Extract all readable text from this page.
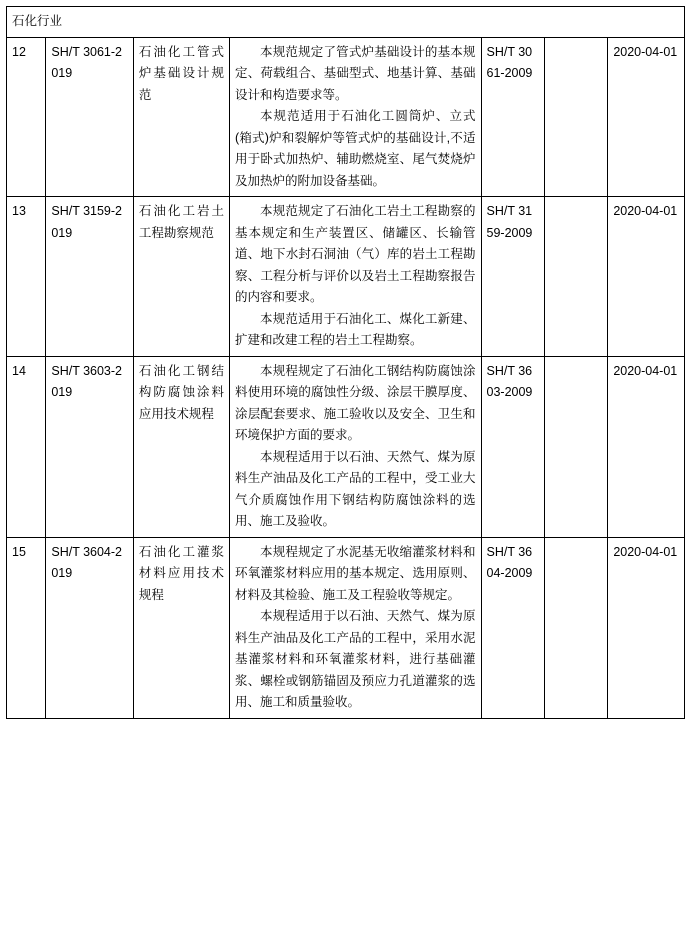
石化行业						
12	SH/T 3061-2019	石油化工管式炉基础设计规范	本规范规定了管式炉基础设计的基本规定、荷载组合、基础型式、地基计算、基础设计和构造要求等。

本规范适用于石油化工圆筒炉、立式(箱式)炉和裂解炉等管式炉的基础设计,不适用于卧式加热炉、辅助燃烧室、尾气焚烧炉及加热炉的附加设备基础。	SH/T 3061-2009		2020-04-01
13	SH/T 3159-2019	石油化工岩土工程勘察规范	本规范规定了石油化工岩土工程勘察的基本规定和生产装置区、储罐区、长输管道、地下水封石洞油（气）库的岩土工程勘察、工程分析与评价以及岩土工程勘察报告的内容和要求。

本规范适用于石油化工、煤化工新建、扩建和改建工程的岩土工程勘察。	SH/T 3159-2009		2020-04-01
14	SH/T 3603-2019	石油化工钢结构防腐蚀涂料应用技术规程	本规程规定了石油化工钢结构防腐蚀涂料使用环境的腐蚀性分级、涂层干膜厚度、涂层配套要求、施工验收以及安全、卫生和环境保护方面的要求。

本规程适用于以石油、天然气、煤为原料生产油品及化工产品的工程中，受工业大气介质腐蚀作用下钢结构防腐蚀涂料的选用、施工及验收。	SH/T 3603-2009		2020-04-01
15	SH/T 3604-2019	石油化工灌浆材料应用技术规程	本规程规定了水泥基无收缩灌浆材料和环氧灌浆材料应用的基本规定、选用原则、材料及其检验、施工及工程验收等规定。

本规程适用于以石油、天然气、煤为原料生产油品及化工产品的工程中，采用水泥基灌浆材料和环氧灌浆材料，进行基础灌浆、螺栓或钢筋锚固及预应力孔道灌浆的选用、施工和质量验收。	SH/T 3604-2009		2020-04-01
